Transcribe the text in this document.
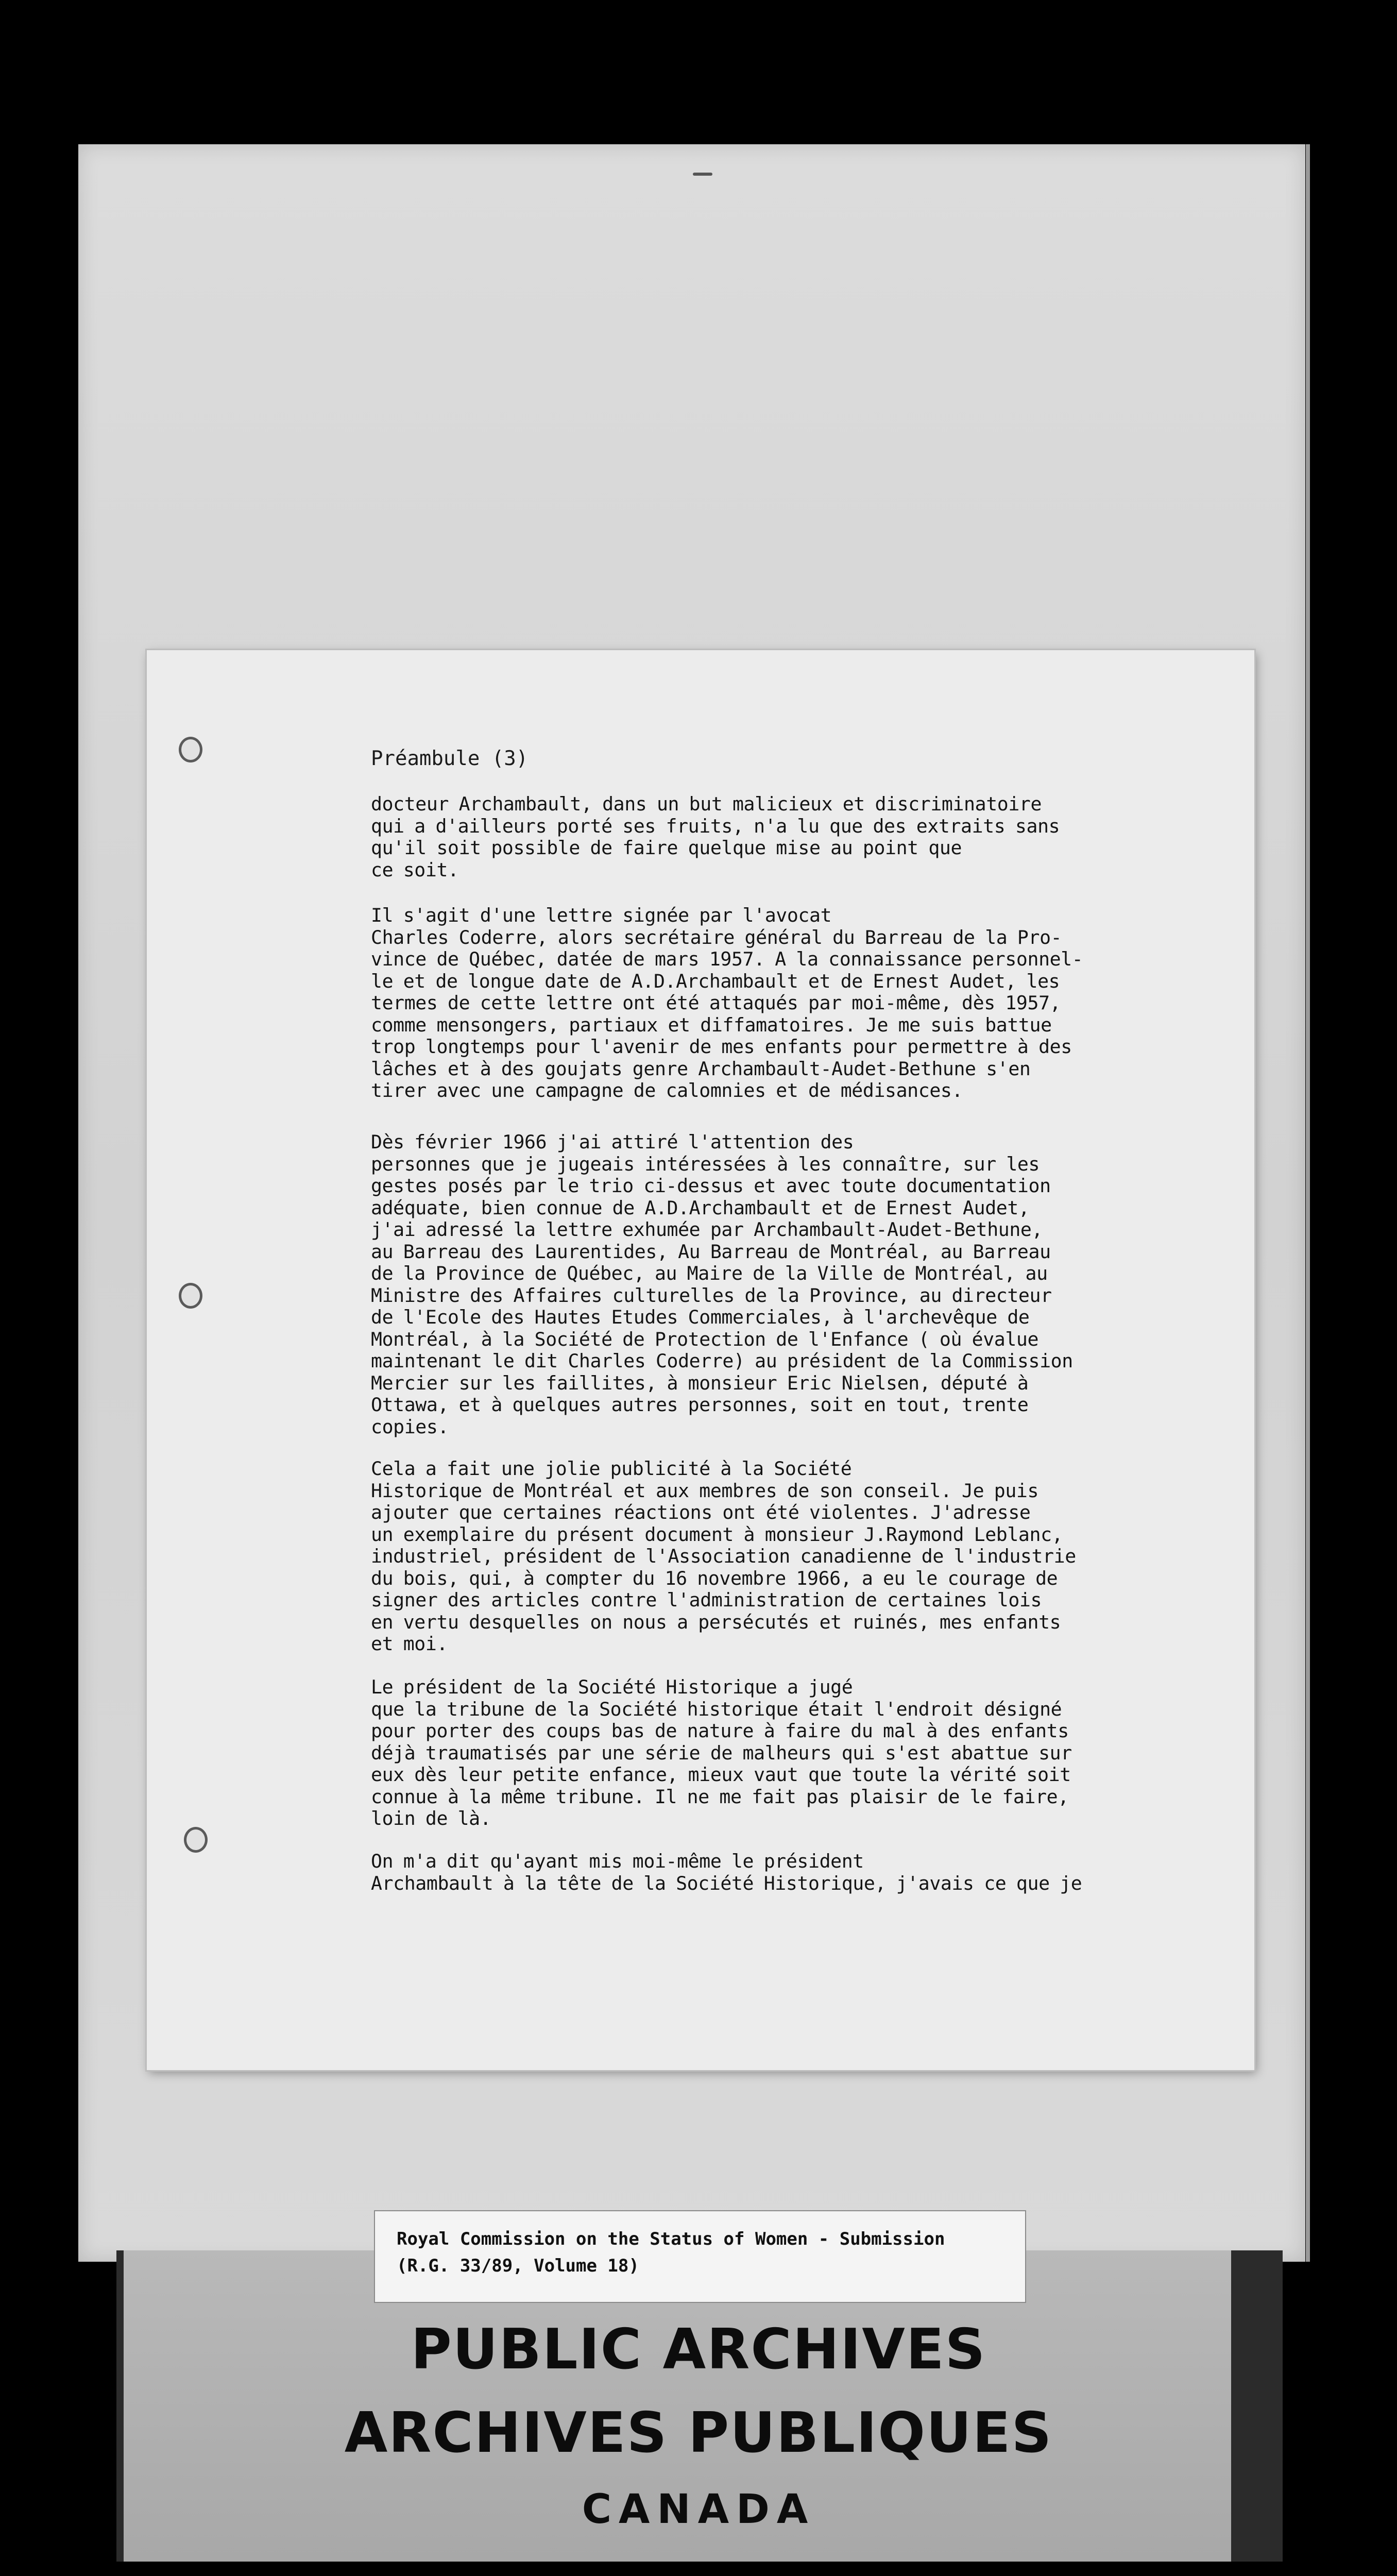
Préambule (3)

docteur Archambault, dans un but malicieux et discriminatoire
qui a d'ailleurs porté ses fruits, n'a lu que des extraits sans
qu'il soit possible de faire quelque mise au point que
ce soit.

Il s'agit d'une lettre signée par l'avocat
Charles Coderre, alors secrétaire général du Barreau de la Pro-
vince de Québec, datée de mars 1957. A la connaissance personnel-
le et de longue date de A.D.Archambault et de Ernest Audet, les
termes de cette lettre ont été attaqués par moi-même, dès 1957,
comme mensongers, partiaux et diffamatoires. Je me suis battue
trop longtemps pour l'avenir de mes enfants pour permettre à des
lâches et à des goujats genre Archambault-Audet-Bethune s'en
tirer avec une campagne de calomnies et de médisances.

Dès février 1966 j'ai attiré l'attention des
personnes que je jugeais intéressées à les connaître, sur les
gestes posés par le trio ci-dessus et avec toute documentation
adéquate, bien connue de A.D.Archambault et de Ernest Audet,
j'ai adressé la lettre exhumée par Archambault-Audet-Bethune,
au Barreau des Laurentides, Au Barreau de Montréal, au Barreau
de la Province de Québec, au Maire de la Ville de Montréal, au
Ministre des Affaires culturelles de la Province, au directeur
de l'Ecole des Hautes Etudes Commerciales, à l'archevêque de
Montréal, à la Société de Protection de l'Enfance ( où évalue
maintenant le dit Charles Coderre) au président de la Commission
Mercier sur les faillites, à monsieur Eric Nielsen, député à
Ottawa, et à quelques autres personnes, soit en tout, trente
copies.

Cela a fait une jolie publicité à la Société
Historique de Montréal et aux membres de son conseil. Je puis
ajouter que certaines réactions ont été violentes. J'adresse
un exemplaire du présent document à monsieur J.Raymond Leblanc,
industriel, président de l'Association canadienne de l'industrie
du bois, qui, à compter du 16 novembre 1966, a eu le courage de
signer des articles contre l'administration de certaines lois
en vertu desquelles on nous a persécutés et ruinés, mes enfants
et moi.

Le président de la Société Historique a jugé
que la tribune de la Société historique était l'endroit désigné
pour porter des coups bas de nature à faire du mal à des enfants
déjà traumatisés par une série de malheurs qui s'est abattue sur
eux dès leur petite enfance, mieux vaut que toute la vérité soit
connue à la même tribune. Il ne me fait pas plaisir de le faire,
loin de là.

On m'a dit qu'ayant mis moi-même le président
Archambault à la tête de la Société Historique, j'avais ce que je

Royal Commission on the Status of Women - Submission
(R.G. 33/89, Volume 18)

PUBLIC ARCHIVES

ARCHIVES PUBLIQUES

CANADA
